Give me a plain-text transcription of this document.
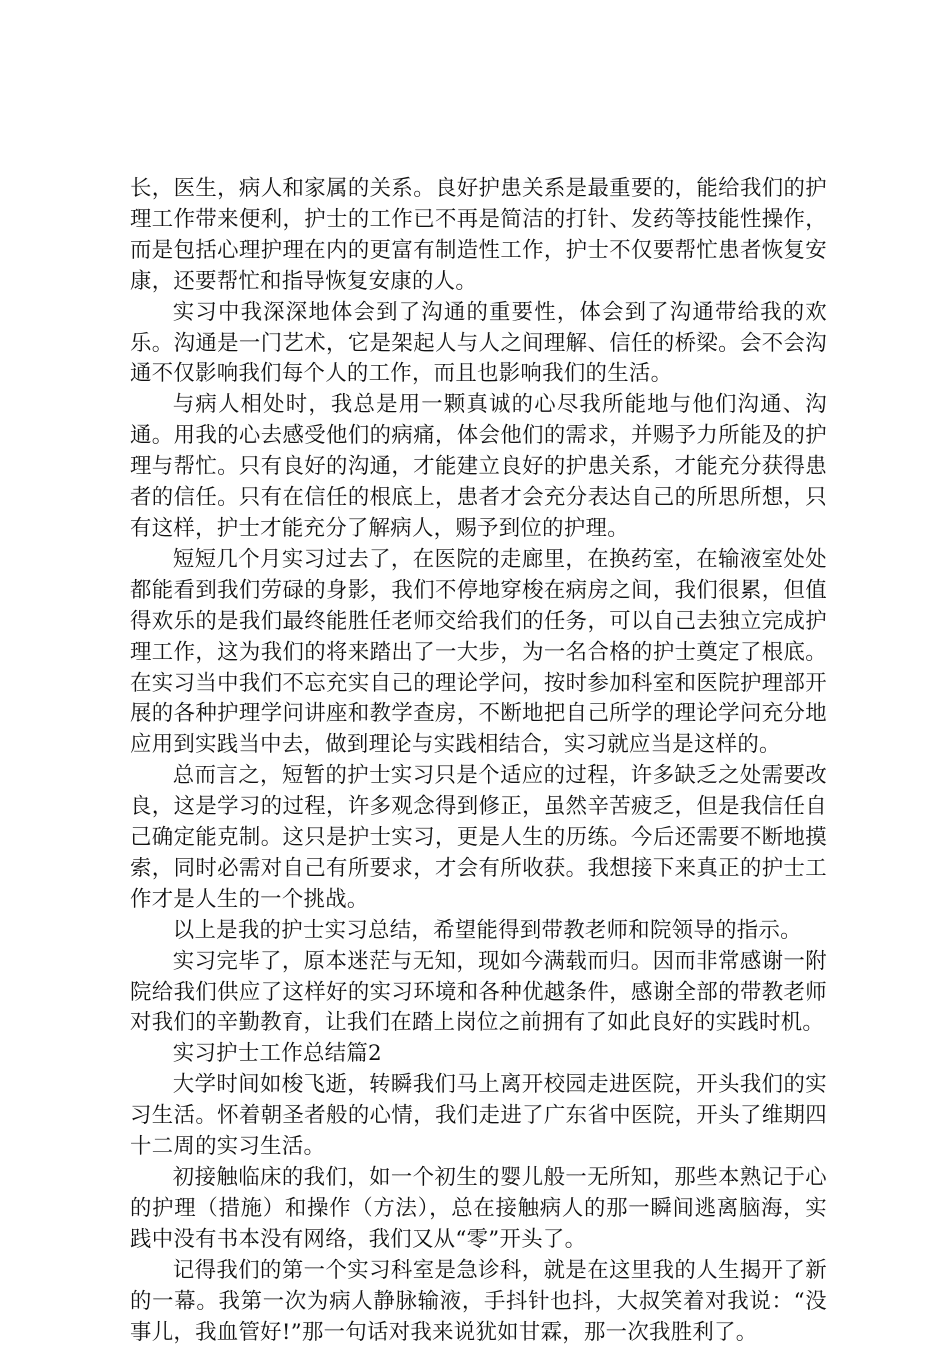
长，医生，病人和家属的关系。良好护患关系是最重要的，能给我们的护理工作带来便利，护士的工作已不再是简洁的打针、发药等技能性操作，而是包括心理护理在内的更富有制造性工作，护士不仅要帮忙患者恢复安康，还要帮忙和指导恢复安康的人。

实习中我深深地体会到了沟通的重要性，体会到了沟通带给我的欢乐。沟通是一门艺术，它是架起人与人之间理解、信任的桥梁。会不会沟通不仅影响我们每个人的工作，而且也影响我们的生活。

与病人相处时，我总是用一颗真诚的心尽我所能地与他们沟通、沟通。用我的心去感受他们的病痛，体会他们的需求，并赐予力所能及的护理与帮忙。只有良好的沟通，才能建立良好的护患关系，才能充分获得患者的信任。只有在信任的根底上，患者才会充分表达自己的所思所想，只有这样，护士才能充分了解病人，赐予到位的护理。

短短几个月实习过去了，在医院的走廊里，在换药室，在输液室处处都能看到我们劳碌的身影，我们不停地穿梭在病房之间，我们很累，但值得欢乐的是我们最终能胜任老师交给我们的任务，可以自己去独立完成护理工作，这为我们的将来踏出了一大步，为一名合格的护士奠定了根底。在实习当中我们不忘充实自己的理论学问，按时参加科室和医院护理部开展的各种护理学问讲座和教学查房，不断地把自己所学的理论学问充分地应用到实践当中去，做到理论与实践相结合，实习就应当是这样的。

总而言之，短暂的护士实习只是个适应的过程，许多缺乏之处需要改良，这是学习的过程，许多观念得到修正，虽然辛苦疲乏，但是我信任自己确定能克制。这只是护士实习，更是人生的历练。今后还需要不断地摸索，同时必需对自己有所要求，才会有所收获。我想接下来真正的护士工作才是人生的一个挑战。

以上是我的护士实习总结，希望能得到带教老师和院领导的指示。

实习完毕了，原本迷茫与无知，现如今满载而归。因而非常感谢一附院给我们供应了这样好的实习环境和各种优越条件，感谢全部的带教老师对我们的辛勤教育，让我们在踏上岗位之前拥有了如此良好的实践时机。

实习护士工作总结篇2

大学时间如梭飞逝，转瞬我们马上离开校园走进医院，开头我们的实习生活。怀着朝圣者般的心情，我们走进了广东省中医院，开头了维期四十二周的实习生活。

初接触临床的我们，如一个初生的婴儿般一无所知，那些本熟记于心的护理（措施）和操作（方法），总在接触病人的那一瞬间逃离脑海，实践中没有书本没有网络，我们又从“零”开头了。

记得我们的第一个实习科室是急诊科，就是在这里我的人生揭开了新的一幕。我第一次为病人静脉输液，手抖针也抖，大叔笑着对我说：“没事儿，我血管好!”那一句话对我来说犹如甘霖，那一次我胜利了。
